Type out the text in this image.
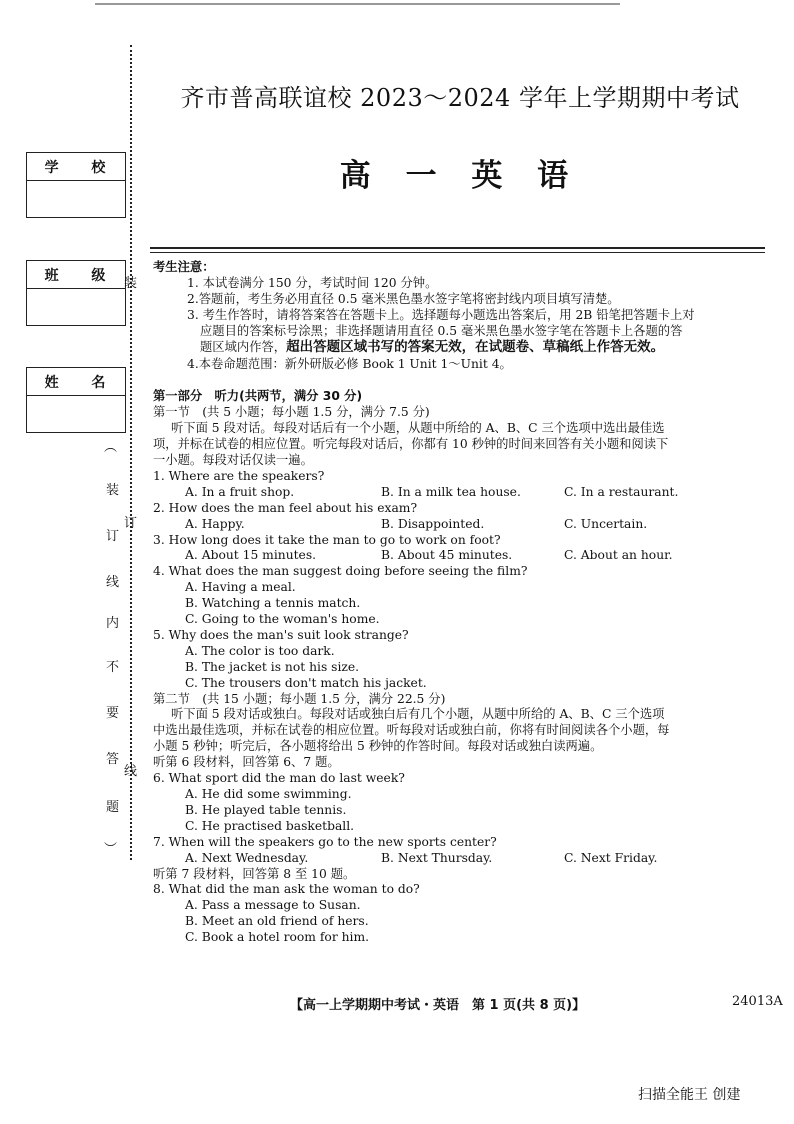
学 校
班 级
姓 名
装
订
线
︵
装
订
线
内
不
要
答
题
︶
齐市普高联谊校 2023～2024 学年上学期期中考试
高 一 英 语
考生注意：
1. 本试卷满分 150 分，考试时间 120 分钟。
2.答题前，考生务必用直径 0.5 毫米黑色墨水签字笔将密封线内项目填写清楚。
3. 考生作答时，请将答案答在答题卡上。选择题每小题选出答案后，用 2B 铅笔把答题卡上对
应题目的答案标号涂黑；非选择题请用直径 0.5 毫米黑色墨水签字笔在答题卡上各题的答
题区域内作答，超出答题区域书写的答案无效，在试题卷、草稿纸上作答无效。
4.本卷命题范围：新外研版必修 Book 1 Unit 1～Unit 4。
第一部分　听力(共两节，满分 30 分)
第一节　(共 5 小题；每小题 1.5 分，满分 7.5 分)
听下面 5 段对话。每段对话后有一个小题，从题中所给的 A、B、C 三个选项中选出最佳选
项，并标在试卷的相应位置。听完每段对话后，你都有 10 秒钟的时间来回答有关小题和阅读下
一小题。每段对话仅读一遍。
1. Where are the speakers?
A. In a fruit shop.	B. In a milk tea house.	C. In a restaurant.
2. How does the man feel about his exam?
A. Happy.	B. Disappointed.	C. Uncertain.
3. How long does it take the man to go to work on foot?
A. About 15 minutes.	B. About 45 minutes.	C. About an hour.
4. What does the man suggest doing before seeing the film?
A. Having a meal.
B. Watching a tennis match.
C. Going to the woman's home.
5. Why does the man's suit look strange?
A. The color is too dark.
B. The jacket is not his size.
C. The trousers don't match his jacket.
第二节　(共 15 小题；每小题 1.5 分，满分 22.5 分)
听下面 5 段对话或独白。每段对话或独白后有几个小题，从题中所给的 A、B、C 三个选项
中选出最佳选项，并标在试卷的相应位置。听每段对话或独白前，你将有时间阅读各个小题，每
小题 5 秒钟；听完后，各小题将给出 5 秒钟的作答时间。每段对话或独白读两遍。
听第 6 段材料，回答第 6、7 题。
6. What sport did the man do last week?
A. He did some swimming.
B. He played table tennis.
C. He practised basketball.
7. When will the speakers go to the new sports center?
A. Next Wednesday.	B. Next Thursday.	C. Next Friday.
听第 7 段材料，回答第 8 至 10 题。
8. What did the man ask the woman to do?
A. Pass a message to Susan.
B. Meet an old friend of hers.
C. Book a hotel room for him.
【高一上学期期中考试・英语　第 1 页(共 8 页)】	24013A
扫描全能王 创建
